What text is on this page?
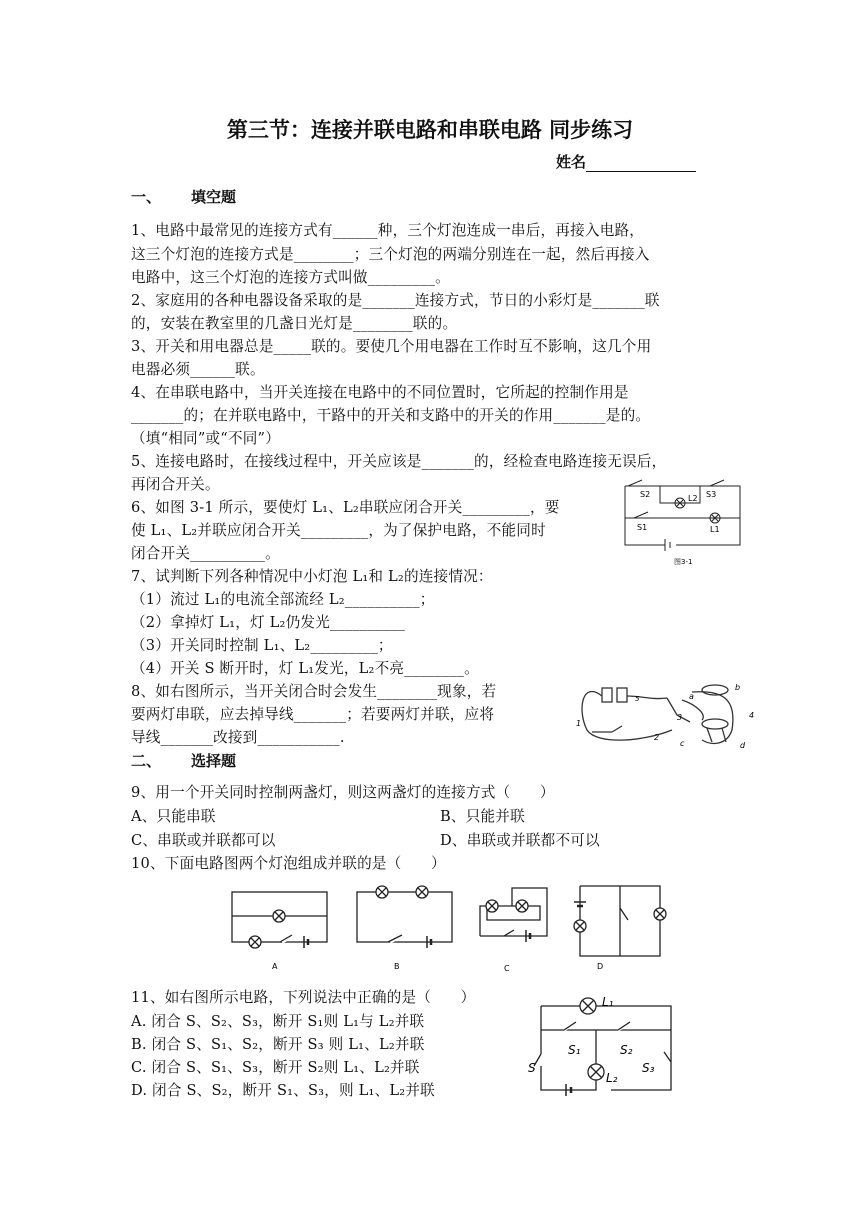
第三节：连接并联电路和串联电路 同步练习
姓名
一、 填空题
1、电路中最常见的连接方式有______种，三个灯泡连成一串后，再接入电路，
这三个灯泡的连接方式是________；三个灯泡的两端分别连在一起，然后再接入
电路中，这三个灯泡的连接方式叫做_________。
2、家庭用的各种电器设备采取的是_______连接方式，节日的小彩灯是_______联
的，安装在教室里的几盏日光灯是________联的。
3、开关和用电器总是_____联的。要使几个用电器在工作时互不影响，这几个用
电器必须______联。
4、在串联电路中，当开关连接在电路中的不同位置时，它所起的控制作用是
_______的；在并联电路中，干路中的开关和支路中的开关的作用_______是的。
（填“相同”或“不同”）
5、连接电路时，在接线过程中，开关应该是_______的，经检查电路连接无误后，
再闭合开关。
6、如图 3-1 所示，要使灯 L₁、L₂串联应闭合开关_________，要
使 L₁、L₂并联应闭合开关_________，为了保护电路，不能同时
闭合开关__________。
7、试判断下列各种情况中小灯泡 L₁和 L₂的连接情况：
（1）流过 L₁的电流全部流经 L₂__________；
（2）拿掉灯 L₁，灯 L₂仍发光__________
（3）开关同时控制 L₁、L₂_________；
（4）开关 S 断开时，灯 L₁发光，L₂不亮________。
8、如右图所示，当开关闭合时会发生________现象，若
要两灯串联，应去掉导线_______；若要两灯并联，应将
导线_______改接到___________.
二、 选择题
9、用一个开关同时控制两盏灯，则这两盏灯的连接方式（　　）
A、只能串联	B、只能并联
C、串联或并联都可以	D、串联或并联都不可以
10、下面电路图两个灯泡组成并联的是（　　）
11、如右图所示电路，下列说法中正确的是（　　）
A. 闭合 S、S₂、S₃，断开 S₁则 L₁与 L₂并联
B. 闭合 S、S₁、S₂，断开 S₃ 则 L₁、L₂并联
C. 闭合 S、S₁、S₃，断开 S₂则 L₁、L₂并联
D. 闭合 S、S₂，断开 S₁、S₃，则 L₁、L₂并联
S2	S3
L2
S1	L1
图3-1
a
b
1
2
3	4
c	d
5
A	B	C	D
L₁
S₁	S₂
S₃
S
L₂
